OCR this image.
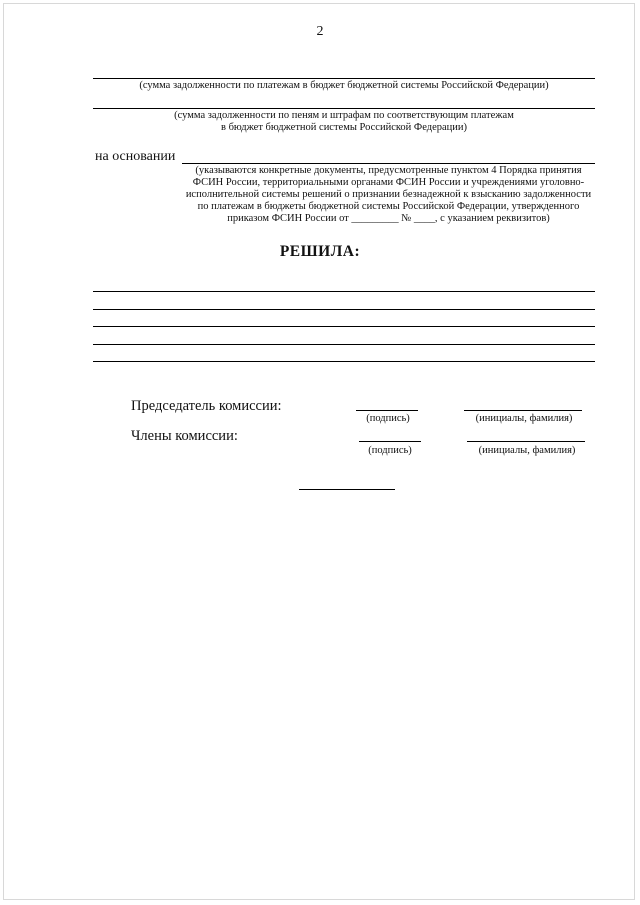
2
(сумма задолженности по платежам в бюджет бюджетной системы Российской Федерации)
(сумма задолженности по пеням и штрафам по соответствующим платежам
в бюджет бюджетной системы Российской Федерации)
на основании
(указываются конкретные документы, предусмотренные пунктом 4 Порядка принятия
ФСИН России, территориальными органами ФСИН России и учреждениями уголовно-
исполнительной системы решений о признании безнадежной к взысканию задолженности
по платежам в бюджеты бюджетной системы Российской Федерации, утвержденного
приказом ФСИН России от _________ № ____, с указанием реквизитов)
РЕШИЛА:
Председатель комиссии:
(подпись)	(инициалы, фамилия)
Члены комиссии:
(подпись)	(инициалы, фамилия)
